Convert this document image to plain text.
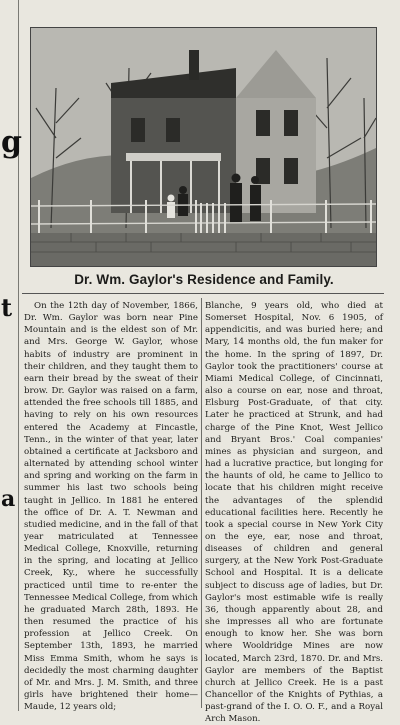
g
t
a
Dr. Wm. Gaylor's Residence and Family.
On the 12th day of November, 1866, Dr. Wm. Gaylor was born near Pine Mountain and is the eldest son of Mr. and Mrs. George W. Gaylor, whose habits of industry are prominent in their children, and they taught them to earn their bread by the sweat of their brow. Dr. Gaylor was raised on a farm, attended the free schools till 1885, and having to rely on his own resources entered the Academy at Fincastle, Tenn., in the winter of that year, later obtained a certificate at Jacksboro and alternated by attending school winter and spring and working on the farm in summer his last two schools being taught in Jellico. In 1881 he entered the office of Dr. A. T. Newman and studied medicine, and in the fall of that year matriculated at Tennessee Medical College, Knoxville, returning in the spring, and locating at Jellico Creek, Ky., where he successfully practiced until time to re-enter the Tennessee Medical College, from which he graduated March 28th, 1893. He then resumed the practice of his profession at Jellico Creek. On September 13th, 1893, he married Miss Emma Smith, whom he says is decidedly the most charming daughter of Mr. and Mrs. J. M. Smith, and three girls have brightened their home—Maude, 12 years old;
Blanche, 9 years old, who died at Somerset Hospital, Nov. 6 1905, of appendicitis, and was buried here; and Mary, 14 months old, the fun maker for the home. In the spring of 1897, Dr. Gaylor took the practitioners' course at Miami Medical College, of Cincinnati, also a course on ear, nose and throat, Elsburg Post-Graduate, of that city. Later he practiced at Strunk, and had charge of the Pine Knot, West Jellico and Bryant Bros.' Coal companies' mines as physician and surgeon, and had a lucrative practice, but longing for the haunts of old, he came to Jellico to locate that his children might receive the advantages of the splendid educational facilities here. Recently he took a special course in New York City on the eye, ear, nose and throat, diseases of children and general surgery, at the New York Post-Graduate School and Hospital. It is a delicate subject to discuss age of ladies, but Dr. Gaylor's most estimable wife is really 36, though apparently about 28, and she impresses all who are fortunate enough to know her. She was born where Wooldridge Mines are now located, March 23rd, 1870. Dr. and Mrs. Gaylor are members of the Baptist church at Jellico Creek. He is a past Chancellor of the Knights of Pythias, a past-grand of the I. O. O. F., and a Royal Arch Mason.
